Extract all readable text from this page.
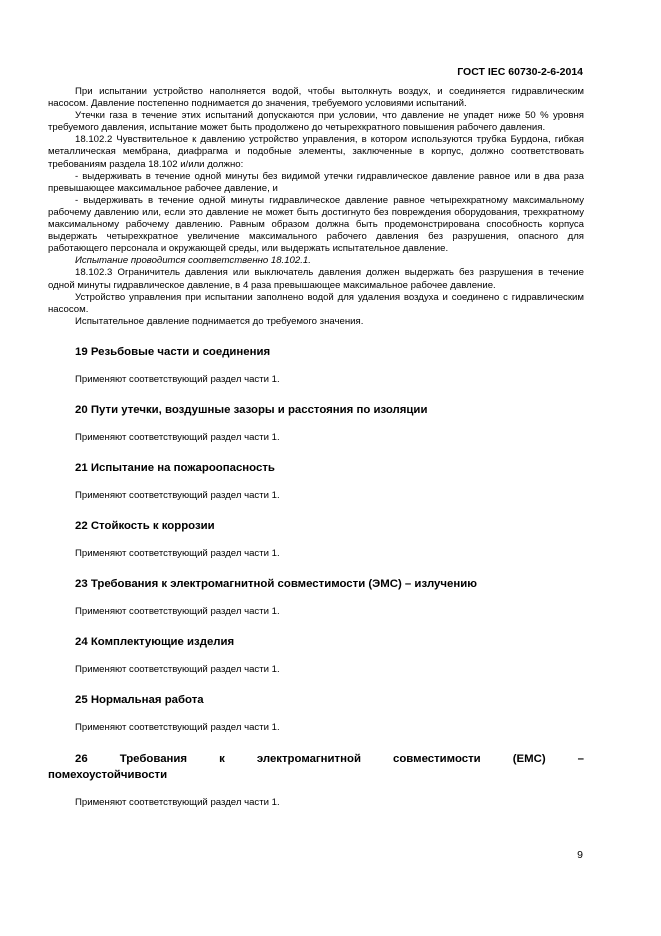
ГОСТ IEC 60730-2-6-2014

При испытании устройство наполняется водой, чтобы вытолкнуть воздух, и соединяется гидравлическим насосом. Давление постепенно поднимается до значения, требуемого условиями испытаний.

Утечки газа в течение этих испытаний допускаются при условии, что давление не упадет ниже 50 % уровня требуемого давления, испытание может быть продолжено до четырехкратного повышения рабочего давления.

18.102.2 Чувствительное к давлению устройство управления, в котором используются трубка Бурдона, гибкая металлическая мембрана, диафрагма и подобные элементы, заключенные в корпус, должно соответствовать требованиям раздела 18.102 и/или должно:

- выдерживать в течение одной минуты без видимой утечки гидравлическое давление равное или в два раза превышающее максимальное рабочее давление, и

- выдерживать в течение одной минуты гидравлическое давление равное четырехкратному максимальному рабочему давлению или, если это давление не может быть достигнуто без повреждения оборудования, трехкратному максимальному рабочему давлению. Равным образом должна быть продемонстрирована способность корпуса выдержать четырехкратное увеличение максимального рабочего давления без разрушения, опасного для работающего персонала и окружающей среды, или выдержать испытательное давление.

Испытание проводится соответственно 18.102.1.

18.102.3 Ограничитель давления или выключатель давления должен выдержать без разрушения в течение одной минуты гидравлическое давление, в 4 раза превышающее максимальное рабочее давление.

Устройство управления при испытании заполнено водой для удаления воздуха и соединено с гидравлическим насосом.

Испытательное давление поднимается до требуемого значения.

19 Резьбовые части и соединения

Применяют соответствующий раздел части 1.

20 Пути утечки, воздушные зазоры и расстояния по изоляции

Применяют соответствующий раздел части 1.

21 Испытание на пожароопасность

Применяют соответствующий раздел части 1.

22 Стойкость к коррозии

Применяют соответствующий раздел части 1.

23 Требования к электромагнитной совместимости (ЭМС) – излучению

Применяют соответствующий раздел части 1.

24 Комплектующие изделия

Применяют соответствующий раздел части 1.

25 Нормальная работа

Применяют соответствующий раздел части 1.

26 Требования к электромагнитной совместимости (ЕМС) –

помехоустойчивости

Применяют соответствующий раздел части 1.

9
